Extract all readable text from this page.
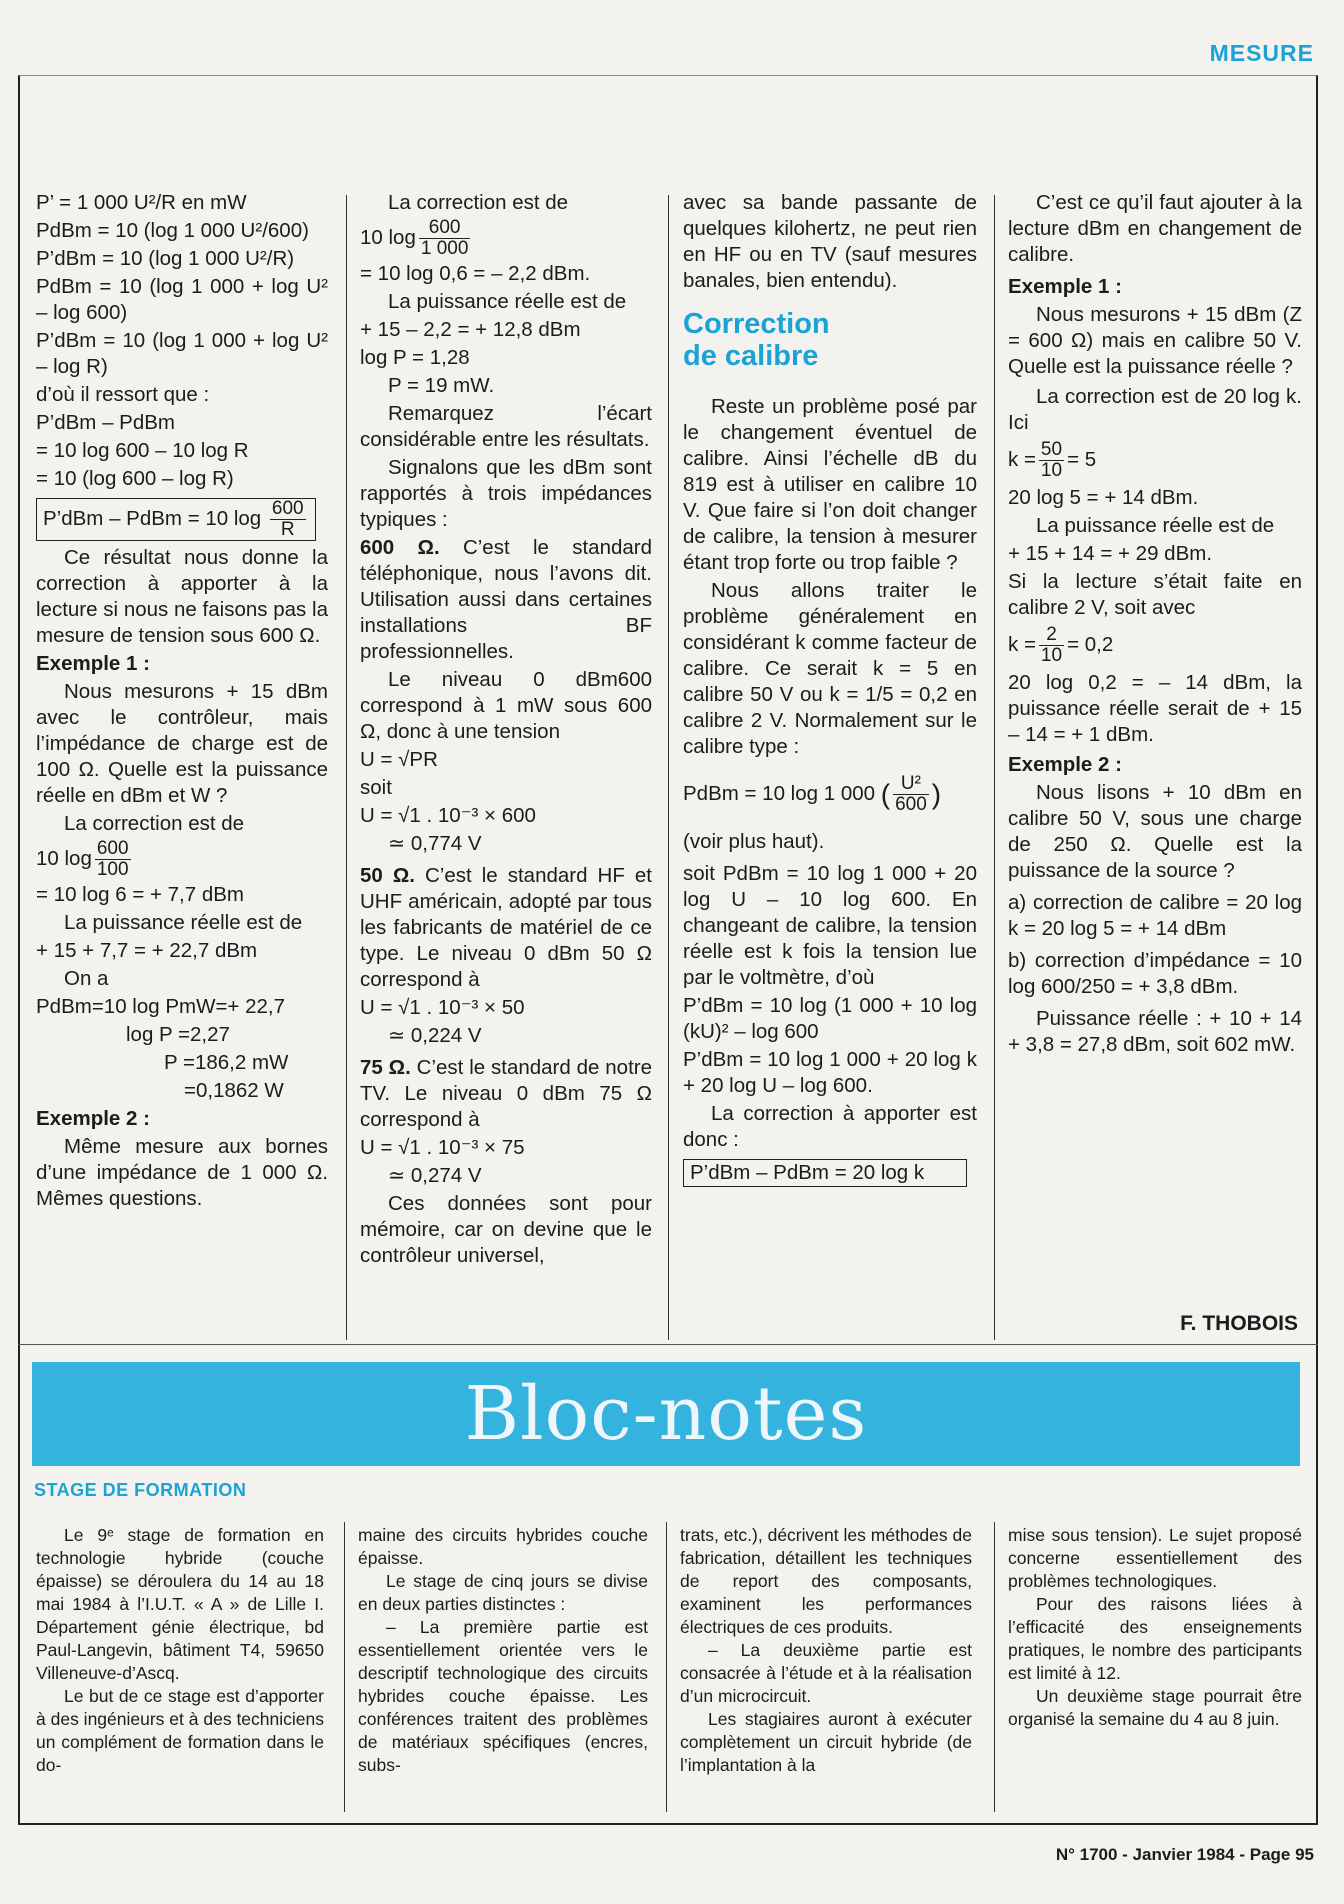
MESURE

P’ = 1 000 U²/R en mW

PdBm = 10 (log 1 000 U²/600)

P’dBm = 10 (log 1 000 U²/R)

PdBm = 10 (log 1 000 + log U² – log 600)

P’dBm = 10 (log 1 000 + log U² – log R)

d’où il ressort que :

P’dBm – PdBm

= 10 log 600 – 10 log R

= 10 (log 600 – log R)

P’dBm – PdBm = 10 $\log \frac{600}{R}$

Ce résultat nous donne la correction à apporter à la lecture si nous ne faisons pas la mesure de tension sous 600 Ω.

Exemple 1 :

Nous mesurons + 15 dBm avec le contrôleur, mais l’impédance de charge est de 100 Ω. Quelle est la puissance réelle en dBm et W ?

La correction est de

10 $\log \frac{600}{100}$

= 10 log 6 = + 7,7 dBm

La puissance réelle est de

+ 15 + 7,7 = + 22,7 dBm

On a

PdBm=10 log PmW=+ 22,7

log P =2,27

P =186,2 mW

=0,1862 W

Exemple 2 :

Même mesure aux bornes d’une impédance de 1 000 Ω. Mêmes questions.

La correction est de

10 $\log \frac{600}{1 000}$

= 10 log 0,6 = – 2,2 dBm.

La puissance réelle est de

+ 15 – 2,2 = + 12,8 dBm

log P = 1,28

P = 19 mW.

Remarquez l’écart considérable entre les résultats.

Signalons que les dBm sont rapportés à trois impédances typiques :

600 Ω. C’est le standard téléphonique, nous l’avons dit. Utilisation aussi dans certaines installations BF professionnelles.

Le niveau 0 dBm600 correspond à 1 mW sous 600 Ω, donc à une tension

U = √PR

soit

U = √1 . 10⁻³ × 600

≃ 0,774 V

50 Ω. C’est le standard HF et UHF américain, adopté par tous les fabricants de matériel de ce type. Le niveau 0 dBm 50 Ω correspond à

U = √1 . 10⁻³ × 50

≃ 0,224 V

75 Ω. C’est le standard de notre TV. Le niveau 0 dBm 75 Ω correspond à

U = √1 . 10⁻³ × 75

≃ 0,274 V

Ces données sont pour mémoire, car on devine que le contrôleur universel,

avec sa bande passante de quelques kilohertz, ne peut rien en HF ou en TV (sauf mesures banales, bien entendu).

Correction
de calibre

Reste un problème posé par le changement éventuel de calibre. Ainsi l’échelle dB du 819 est à utiliser en calibre 10 V. Que faire si l’on doit changer de calibre, la tension à mesurer étant trop forte ou trop faible ?

Nous allons traiter le problème généralement en considérant k comme facteur de calibre. Ce serait k = 5 en calibre 50 V ou k = 1/5 = 0,2 en calibre 2 V. Normalement sur le calibre type :

PdBm = 10 log 1 000 ( $\frac{\text{U²}}{600}$ )

(voir plus haut).

soit PdBm = 10 log 1 000 + 20 log U – 10 log 600. En changeant de calibre, la tension réelle est k fois la tension lue par le voltmètre, d’où

P’dBm = 10 log (1 000 + 10 log (kU)² – log 600

P’dBm = 10 log 1 000 + 20 log k + 20 log U – log 600.

La correction à apporter est donc :

P’dBm – PdBm = 20 log k

C’est ce qu’il faut ajouter à la lecture dBm en changement de calibre.

Exemple 1 :

Nous mesurons + 15 dBm (Z = 600 Ω) mais en calibre 50 V. Quelle est la puissance réelle ?

La correction est de 20 log k. Ici

$k = \frac{50}{10} = 5$

20 log 5 = + 14 dBm.

La puissance réelle est de

+ 15 + 14 = + 29 dBm.

Si la lecture s’était faite en calibre 2 V, soit avec

$k = \frac{2}{10} = 0,2$

20 log 0,2 = – 14 dBm, la puissance réelle serait de + 15 – 14 = + 1 dBm.

Exemple 2 :

Nous lisons + 10 dBm en calibre 50 V, sous une charge de 250 Ω. Quelle est la puissance de la source ?

a) correction de calibre = 20 log k = 20 log 5 = + 14 dBm

b) correction d’impédance = 10 log 600/250 = + 3,8 dBm.

Puissance réelle : + 10 + 14 + 3,8 = 27,8 dBm, soit 602 mW.

F. THOBOIS
Bloc-notes
STAGE DE FORMATION

Le 9ᵉ stage de formation en technologie hybride (couche épaisse) se déroulera du 14 au 18 mai 1984 à l’I.U.T. « A » de Lille I. Département génie électrique, bd Paul-Langevin, bâtiment T4, 59650 Villeneuve-d’Ascq.

Le but de ce stage est d’apporter à des ingénieurs et à des techniciens un complément de formation dans le do-

maine des circuits hybrides couche épaisse.

Le stage de cinq jours se divise en deux parties distinctes :

– La première partie est essentiellement orientée vers le descriptif technologique des circuits hybrides couche épaisse. Les conférences traitent des problèmes de matériaux spécifiques (encres, subs-

trats, etc.), décrivent les méthodes de fabrication, détaillent les techniques de report des composants, examinent les performances électriques de ces produits.

– La deuxième partie est consacrée à l’étude et à la réalisation d’un microcircuit.

Les stagiaires auront à exécuter complètement un circuit hybride (de l’implantation à la

mise sous tension). Le sujet proposé concerne essentiellement des problèmes technologiques.

Pour des raisons liées à l’efficacité des enseignements pratiques, le nombre des participants est limité à 12.

Un deuxième stage pourrait être organisé la semaine du 4 au 8 juin.

N° 1700 - Janvier 1984 - Page 95
